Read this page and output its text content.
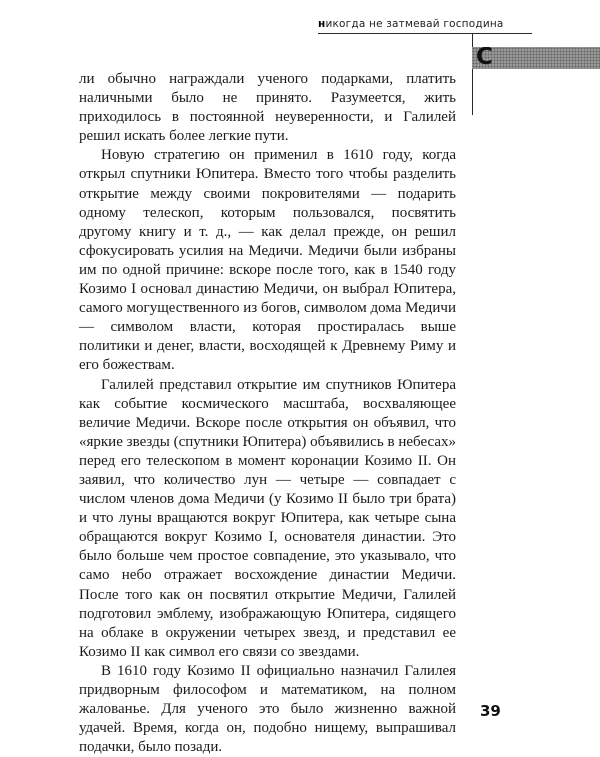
никогда не затмевай господина
C

ли обычно награждали ученого подарками, платить наличными было не принято. Разумеется, жить приходилось в постоянной неуверенности, и Галилей решил искать более легкие пути.

Новую стратегию он применил в 1610 году, когда открыл спутники Юпитера. Вместо того чтобы разделить открытие между своими покровителями — подарить одному телескоп, которым пользовался, посвятить другому книгу и т. д., — как делал прежде, он решил сфокусировать усилия на Медичи. Медичи были избраны им по одной причине: вскоре после того, как в 1540 году Козимо I основал династию Медичи, он выбрал Юпитера, самого могущественного из богов, символом дома Медичи — символом власти, которая простиралась выше политики и денег, власти, восходящей к Древнему Риму и его божествам.

Галилей представил открытие им спутников Юпитера как событие космического масштаба, восхваляющее величие Медичи. Вскоре после открытия он объявил, что «яркие звезды (спутники Юпитера) объявились в небесах» перед его телескопом в момент коронации Козимо II. Он заявил, что количество лун — четыре — совпадает с числом членов дома Медичи (у Козимо II было три брата) и что луны вращаются вокруг Юпитера, как четыре сына обращаются вокруг Козимо I, основателя династии. Это было больше чем простое совпадение, это указывало, что само небо отражает восхождение династии Медичи. После того как он посвятил открытие Медичи, Галилей подготовил эмблему, изображающую Юпитера, сидящего на облаке в окружении четырех звезд, и представил ее Козимо II как символ его связи со звездами.

В 1610 году Козимо II официально назначил Галилея придворным философом и математиком, на полном жалованье. Для ученого это было жизненно важной удачей. Время, когда он, подобно нищему, выпрашивал подачки, было позади.

39
